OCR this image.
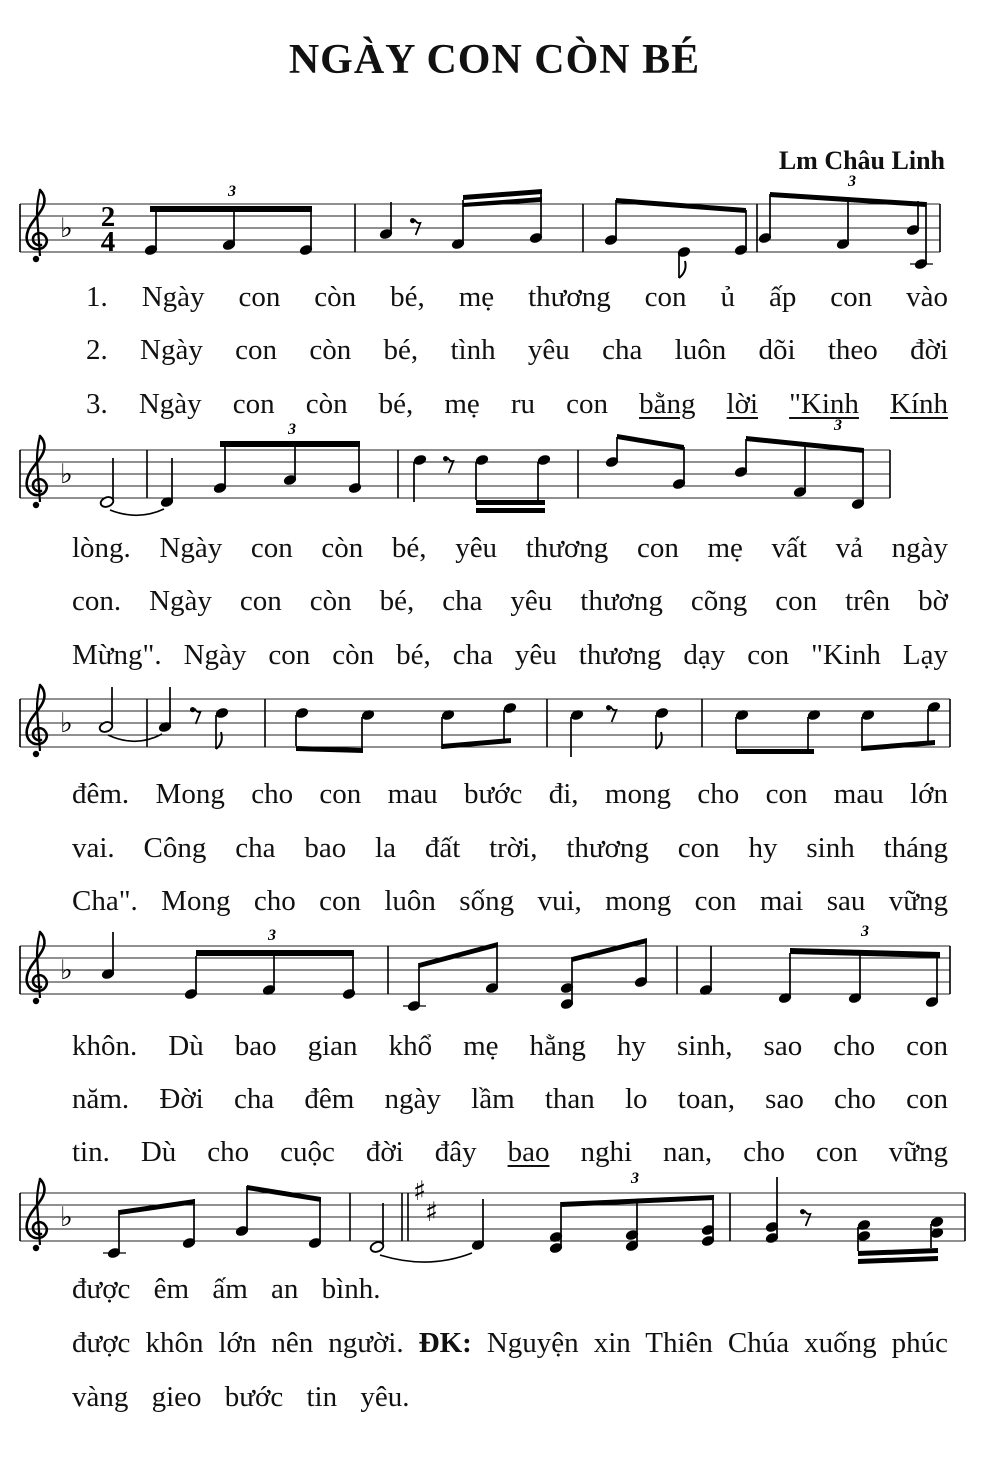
NGÀY CON CÒN BÉ
Lm Châu Linh
♭ 2
4
3
3
1. Ngày con còn bé, mẹ thương con ủ ấp con vào
2. Ngày con còn bé, tình yêu cha luôn dõi theo đời
3. Ngày con còn bé, mẹ ru con bằng lời "Kinh Kính
♭
3	3
lòng. Ngày con còn bé, yêu thương con mẹ vất vả ngày
con. Ngày con còn bé, cha yêu thương cõng con trên bờ
Mừng". Ngày con còn bé, cha yêu thương dạy con "Kinh Lạy
♭
đêm. Mong cho con mau bước đi, mong cho con mau lớn
vai. Công cha bao la đất trời, thương con hy sinh tháng
Cha". Mong cho con luôn sống vui, mong con mai sau vững
♭
3	3
khôn. Dù bao gian khổ mẹ hằng hy sinh, sao cho con
năm. Đời cha đêm ngày lầm than lo toan, sao cho con
tin. Dù cho cuộc đời đây bao nghi nan, cho con vững
♭
♯
♯
3
được êm ấm an bình.
được khôn lớn nên người. ĐK: Nguyện xin Thiên Chúa xuống phúc
vàng gieo bước tin yêu.
